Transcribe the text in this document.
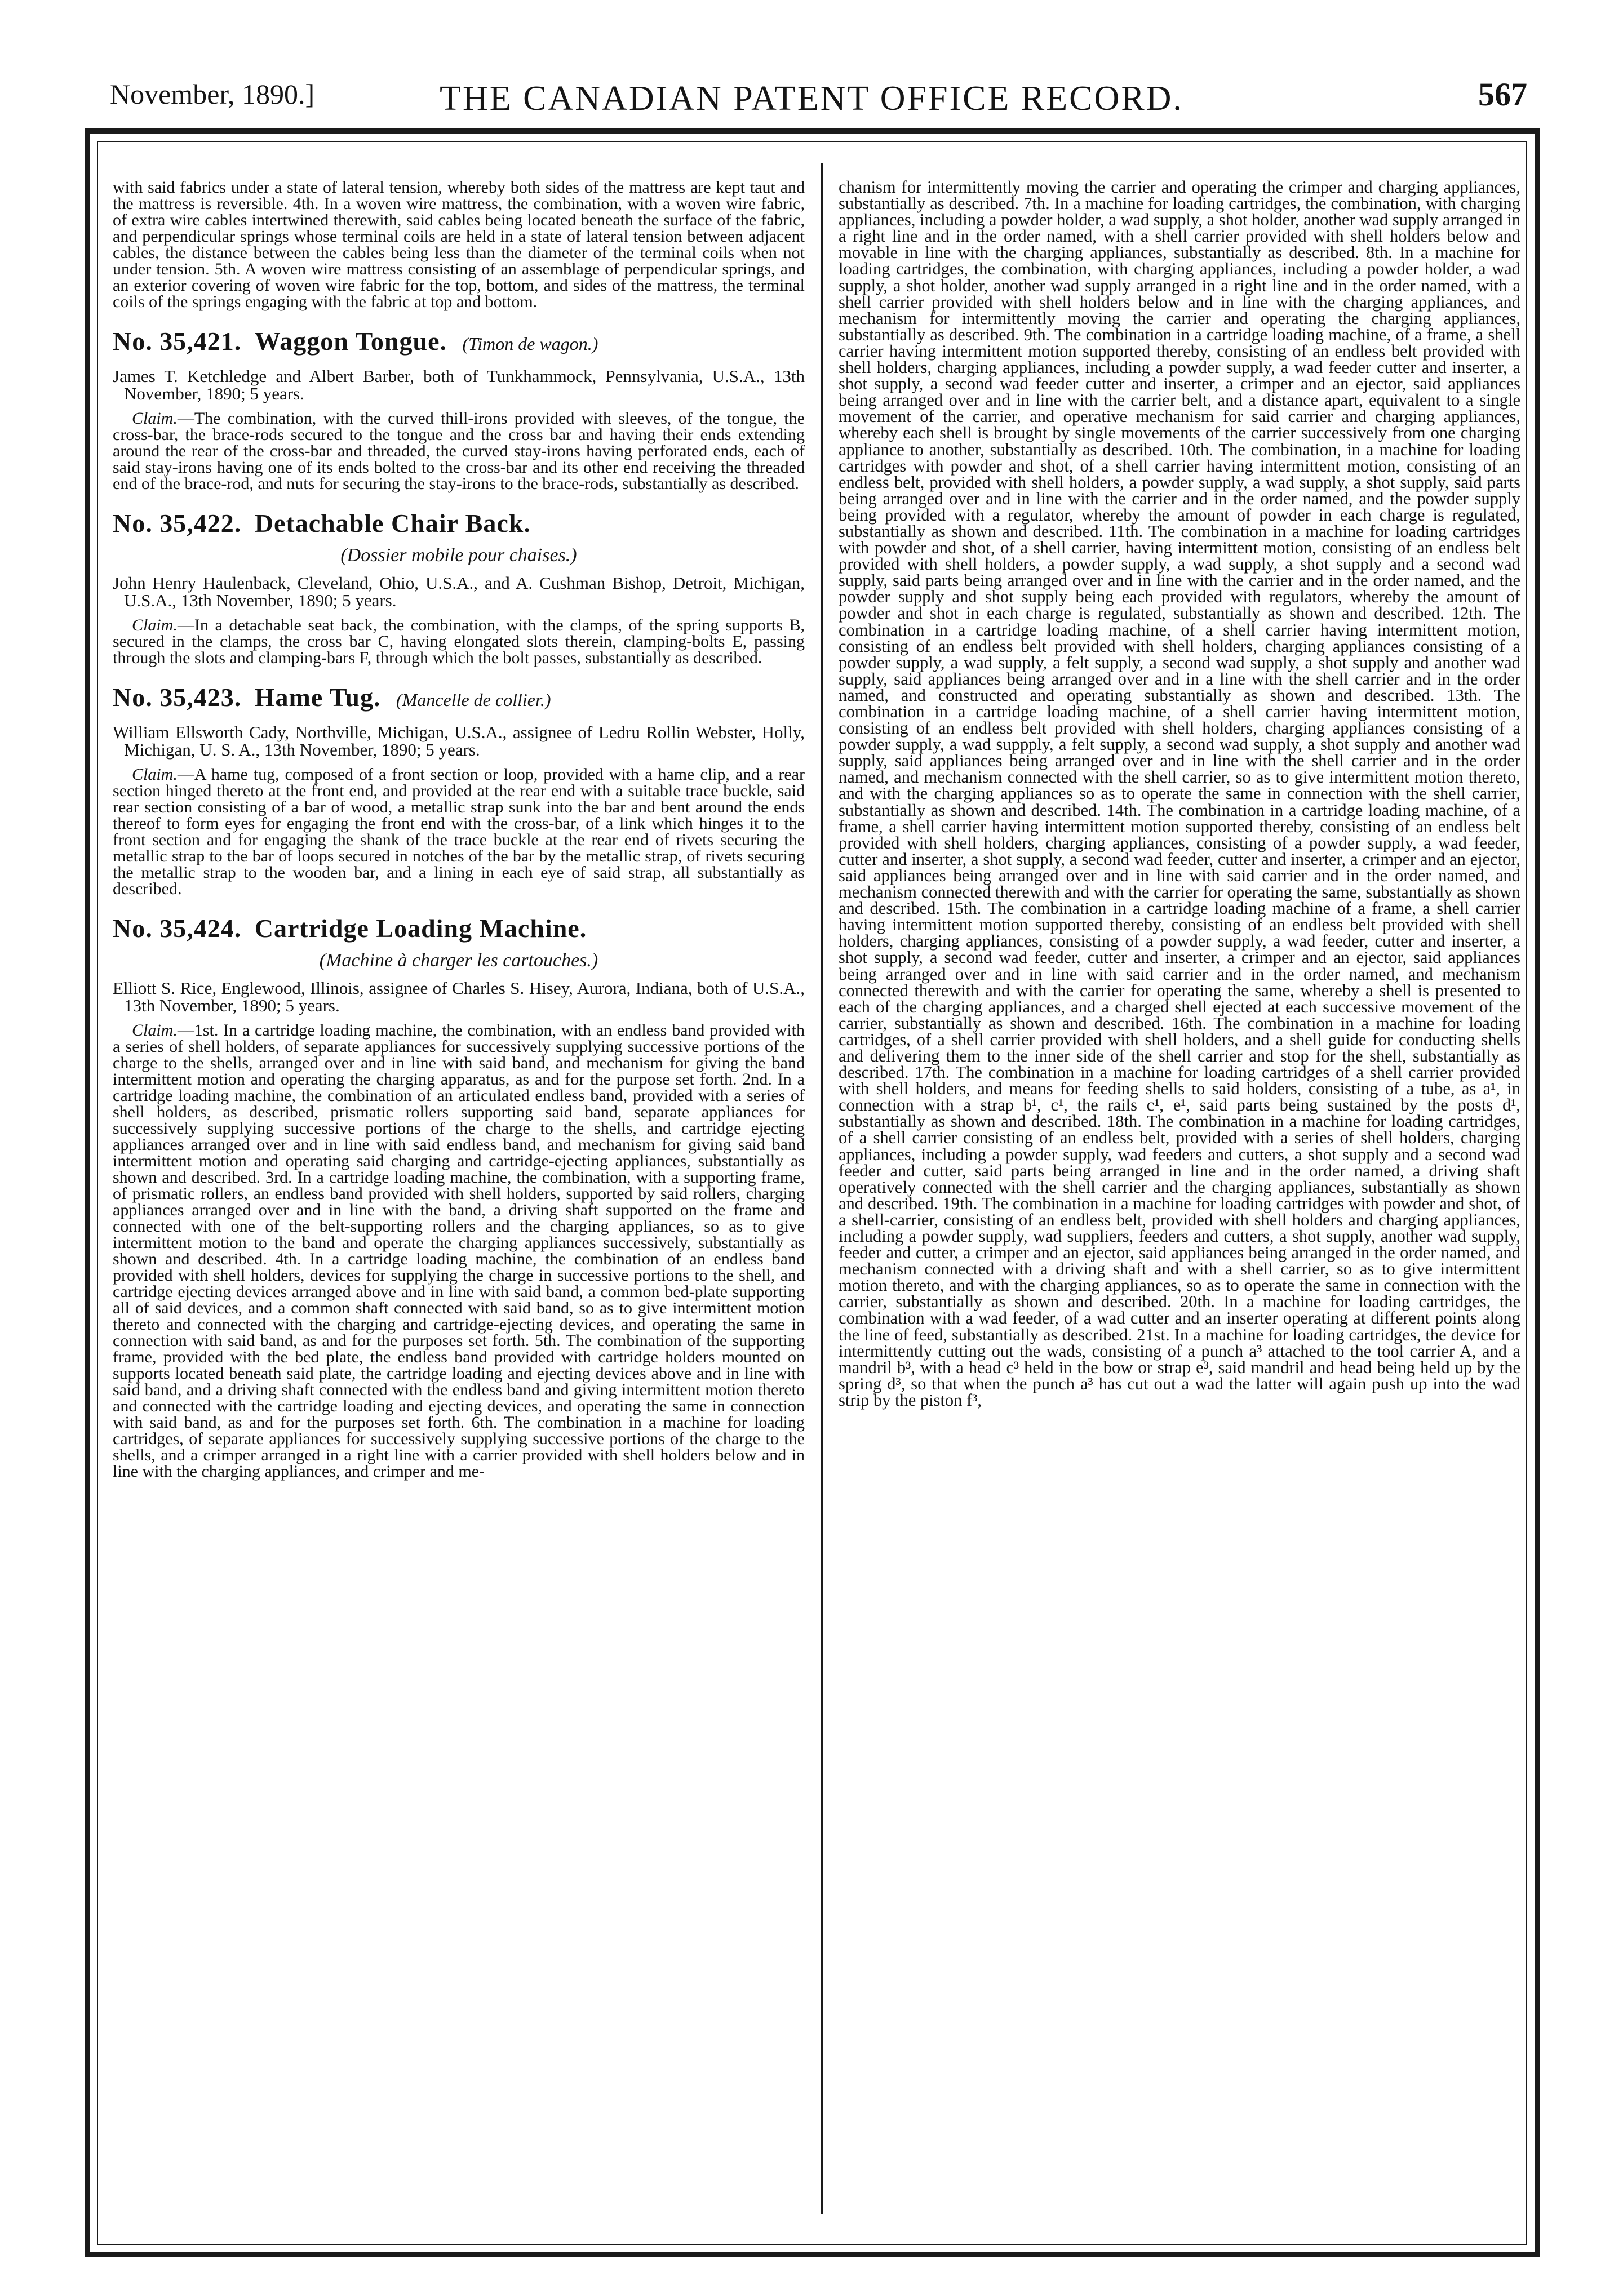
November, 1890.]	THE CANADIAN PATENT OFFICE RECORD.	567

with said fabrics under a state of lateral tension, whereby both sides of the mattress are kept taut and the mattress is reversible. 4th. In a woven wire mattress, the combination, with a woven wire fabric, of extra wire cables intertwined therewith, said cables being located beneath the surface of the fabric, and perpendicular springs whose terminal coils are held in a state of lateral tension between adjacent cables, the distance between the cables being less than the diameter of the terminal coils when not under tension. 5th. A woven wire mattress consisting of an assemblage of perpendicular springs, and an exterior covering of woven wire fabric for the top, bottom, and sides of the mattress, the terminal coils of the springs engaging with the fabric at top and bottom.

No. 35,421. Waggon Tongue. (Timon de wagon.)

James T. Ketchledge and Albert Barber, both of Tunkhammock, Pennsylvania, U.S.A., 13th November, 1890; 5 years.

Claim.—The combination, with the curved thill-irons provided with sleeves, of the tongue, the cross-bar, the brace-rods secured to the tongue and the cross bar and having their ends extending around the rear of the cross-bar and threaded, the curved stay-irons having perforated ends, each of said stay-irons having one of its ends bolted to the cross-bar and its other end receiving the threaded end of the brace-rod, and nuts for securing the stay-irons to the brace-rods, substantially as described.

No. 35,422. Detachable Chair Back.
(Dossier mobile pour chaises.)

John Henry Haulenback, Cleveland, Ohio, U.S.A., and A. Cushman Bishop, Detroit, Michigan, U.S.A., 13th November, 1890; 5 years.

Claim.—In a detachable seat back, the combination, with the clamps, of the spring supports B, secured in the clamps, the cross bar C, having elongated slots therein, clamping-bolts E, passing through the slots and clamping-bars F, through which the bolt passes, substantially as described.

No. 35,423. Hame Tug. (Mancelle de collier.)

William Ellsworth Cady, Northville, Michigan, U.S.A., assignee of Ledru Rollin Webster, Holly, Michigan, U. S. A., 13th November, 1890; 5 years.

Claim.—A hame tug, composed of a front section or loop, provided with a hame clip, and a rear section hinged thereto at the front end, and provided at the rear end with a suitable trace buckle, said rear section consisting of a bar of wood, a metallic strap sunk into the bar and bent around the ends thereof to form eyes for engaging the front end with the cross-bar, of a link which hinges it to the front section and for engaging the shank of the trace buckle at the rear end of rivets securing the metallic strap to the bar of loops secured in notches of the bar by the metallic strap, of rivets securing the metallic strap to the wooden bar, and a lining in each eye of said strap, all substantially as described.

No. 35,424. Cartridge Loading Machine.
(Machine à charger les cartouches.)

Elliott S. Rice, Englewood, Illinois, assignee of Charles S. Hisey, Aurora, Indiana, both of U.S.A., 13th November, 1890; 5 years.

Claim.—1st. In a cartridge loading machine, the combination, with an endless band provided with a series of shell holders, of separate appliances for successively supplying successive portions of the charge to the shells, arranged over and in line with said band, and mechanism for giving the band intermittent motion and operating the charging apparatus, as and for the purpose set forth. 2nd. In a cartridge loading machine, the combination of an articulated endless band, provided with a series of shell holders, as described, prismatic rollers supporting said band, separate appliances for successively supplying successive portions of the charge to the shells, and cartridge ejecting appliances arranged over and in line with said endless band, and mechanism for giving said band intermittent motion and operating said charging and cartridge-ejecting appliances, substantially as shown and described. 3rd. In a cartridge loading machine, the combination, with a supporting frame, of prismatic rollers, an endless band provided with shell holders, supported by said rollers, charging appliances arranged over and in line with the band, a driving shaft supported on the frame and connected with one of the belt-supporting rollers and the charging appliances, so as to give intermittent motion to the band and operate the charging appliances successively, substantially as shown and described. 4th. In a cartridge loading machine, the combination of an endless band provided with shell holders, devices for supplying the charge in successive portions to the shell, and cartridge ejecting devices arranged above and in line with said band, a common bed-plate supporting all of said devices, and a common shaft connected with said band, so as to give intermittent motion thereto and connected with the charging and cartridge-ejecting devices, and operating the same in connection with said band, as and for the purposes set forth. 5th. The combination of the supporting frame, provided with the bed plate, the endless band provided with cartridge holders mounted on supports located beneath said plate, the cartridge loading and ejecting devices above and in line with said band, and a driving shaft connected with the endless band and giving intermittent motion thereto and connected with the cartridge loading and ejecting devices, and operating the same in connection with said band, as and for the purposes set forth. 6th. The combination in a machine for loading cartridges, of separate appliances for successively supplying successive portions of the charge to the shells, and a crimper arranged in a right line with a carrier provided with shell holders below and in line with the charging appliances, and crimper and me-

chanism for intermittently moving the carrier and operating the crimper and charging appliances, substantially as described. 7th. In a machine for loading cartridges, the combination, with charging appliances, including a powder holder, a wad supply, a shot holder, another wad supply arranged in a right line and in the order named, with a shell carrier provided with shell holders below and movable in line with the charging appliances, substantially as described. 8th. In a machine for loading cartridges, the combination, with charging appliances, including a powder holder, a wad supply, a shot holder, another wad supply arranged in a right line and in the order named, with a shell carrier provided with shell holders below and in line with the charging appliances, and mechanism for intermittently moving the carrier and operating the charging appliances, substantially as described. 9th. The combination in a cartridge loading machine, of a frame, a shell carrier having intermittent motion supported thereby, consisting of an endless belt provided with shell holders, charging appliances, including a powder supply, a wad feeder cutter and inserter, a shot supply, a second wad feeder cutter and inserter, a crimper and an ejector, said appliances being arranged over and in line with the carrier belt, and a distance apart, equivalent to a single movement of the carrier, and operative mechanism for said carrier and charging appliances, whereby each shell is brought by single movements of the carrier successively from one charging appliance to another, substantially as described. 10th. The combination, in a machine for loading cartridges with powder and shot, of a shell carrier having intermittent motion, consisting of an endless belt, provided with shell holders, a powder supply, a wad supply, a shot supply, said parts being arranged over and in line with the carrier and in the order named, and the powder supply being provided with a regulator, whereby the amount of powder in each charge is regulated, substantially as shown and described. 11th. The combination in a machine for loading cartridges with powder and shot, of a shell carrier, having intermittent motion, consisting of an endless belt provided with shell holders, a powder supply, a wad supply, a shot supply and a second wad supply, said parts being arranged over and in line with the carrier and in the order named, and the powder supply and shot supply being each provided with regulators, whereby the amount of powder and shot in each charge is regulated, substantially as shown and described. 12th. The combination in a cartridge loading machine, of a shell carrier having intermittent motion, consisting of an endless belt provided with shell holders, charging appliances consisting of a powder supply, a wad supply, a felt supply, a second wad supply, a shot supply and another wad supply, said appliances being arranged over and in a line with the shell carrier and in the order named, and constructed and operating substantially as shown and described. 13th. The combination in a cartridge loading machine, of a shell carrier having intermittent motion, consisting of an endless belt provided with shell holders, charging appliances consisting of a powder supply, a wad suppply, a felt supply, a second wad supply, a shot supply and another wad supply, said appliances being arranged over and in line with the shell carrier and in the order named, and mechanism connected with the shell carrier, so as to give intermittent motion thereto, and with the charging appliances so as to operate the same in connection with the shell carrier, substantially as shown and described. 14th. The combination in a cartridge loading machine, of a frame, a shell carrier having intermittent motion supported thereby, consisting of an endless belt provided with shell holders, charging appliances, consisting of a powder supply, a wad feeder, cutter and inserter, a shot supply, a second wad feeder, cutter and inserter, a crimper and an ejector, said appliances being arranged over and in line with said carrier and in the order named, and mechanism connected therewith and with the carrier for operating the same, substantially as shown and described. 15th. The combination in a cartridge loading machine of a frame, a shell carrier having intermittent motion supported thereby, consisting of an endless belt provided with shell holders, charging appliances, consisting of a powder supply, a wad feeder, cutter and inserter, a shot supply, a second wad feeder, cutter and inserter, a crimper and an ejector, said appliances being arranged over and in line with said carrier and in the order named, and mechanism connected therewith and with the carrier for operating the same, whereby a shell is presented to each of the charging appliances, and a charged shell ejected at each successive movement of the carrier, substantially as shown and described. 16th. The combination in a machine for loading cartridges, of a shell carrier provided with shell holders, and a shell guide for conducting shells and delivering them to the inner side of the shell carrier and stop for the shell, substantially as described. 17th. The combination in a machine for loading cartridges of a shell carrier provided with shell holders, and means for feeding shells to said holders, consisting of a tube, as a¹, in connection with a strap b¹, c¹, the rails c¹, e¹, said parts being sustained by the posts d¹, substantially as shown and described. 18th. The combination in a machine for loading cartridges, of a shell carrier consisting of an endless belt, provided with a series of shell holders, charging appliances, including a powder supply, wad feeders and cutters, a shot supply and a second wad feeder and cutter, said parts being arranged in line and in the order named, a driving shaft operatively connected with the shell carrier and the charging appliances, substantially as shown and described. 19th. The combination in a machine for loading cartridges with powder and shot, of a shell-carrier, consisting of an endless belt, provided with shell holders and charging appliances, including a powder supply, wad suppliers, feeders and cutters, a shot supply, another wad supply, feeder and cutter, a crimper and an ejector, said appliances being arranged in the order named, and mechanism connected with a driving shaft and with a shell carrier, so as to give intermittent motion thereto, and with the charging appliances, so as to operate the same in connection with the carrier, substantially as shown and described. 20th. In a machine for loading cartridges, the combination with a wad feeder, of a wad cutter and an inserter operating at different points along the line of feed, substantially as described. 21st. In a machine for loading cartridges, the device for intermittently cutting out the wads, consisting of a punch a³ attached to the tool carrier A, and a mandril b³, with a head c³ held in the bow or strap e³, said mandril and head being held up by the spring d³, so that when the punch a³ has cut out a wad the latter will again push up into the wad strip by the piston f³,
